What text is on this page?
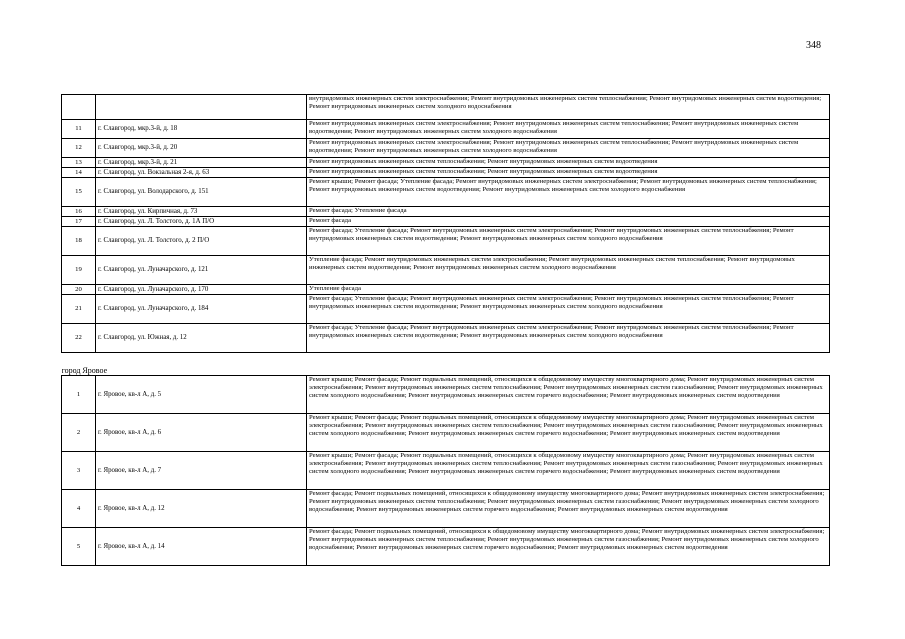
348
		внутридомовых инженерных систем электроснабжения; Ремонт внутридомовых инженерных систем теплоснабжения; Ремонт внутридомовых инженерных систем водоотведения; Ремонт внутридомовых инженерных систем холодного водоснабжения
11	г. Славгород, мкр.3-й, д. 18	Ремонт внутридомовых инженерных систем электроснабжения; Ремонт внутридомовых инженерных систем теплоснабжения; Ремонт внутридомовых инженерных систем водоотведения; Ремонт внутридомовых инженерных систем холодного водоснабжения
12	г. Славгород, мкр.3-й, д. 20	Ремонт внутридомовых инженерных систем электроснабжения; Ремонт внутридомовых инженерных систем теплоснабжения; Ремонт внутридомовых инженерных систем водоотведения; Ремонт внутридомовых инженерных систем холодного водоснабжения
13	г. Славгород, мкр.3-й, д. 21	Ремонт внутридомовых инженерных систем теплоснабжения; Ремонт внутридомовых инженерных систем водоотведения
14	г. Славгород, ул. Вокзальная 2-я, д. 63	Ремонт внутридомовых инженерных систем теплоснабжения; Ремонт внутридомовых инженерных систем водоотведения
15	г. Славгород, ул. Володарского, д. 151	Ремонт крыши; Ремонт фасада; Утепление фасада; Ремонт внутридомовых инженерных систем электроснабжения; Ремонт внутридомовых инженерных систем теплоснабжения; Ремонт внутридомовых инженерных систем водоотведения; Ремонт внутридомовых инженерных систем холодного водоснабжения
16	г. Славгород, ул. Кирпичная, д. 73	Ремонт фасада; Утепление фасада
17	г. Славгород, ул. Л. Толстого, д. 1А П/О	Ремонт фасада
18	г. Славгород, ул. Л. Толстого, д. 2 П/О	Ремонт фасада; Утепление фасада; Ремонт внутридомовых инженерных систем электроснабжения; Ремонт внутридомовых инженерных систем теплоснабжения; Ремонт внутридомовых инженерных систем водоотведения; Ремонт внутридомовых инженерных систем холодного водоснабжения
19	г. Славгород, ул. Луначарского, д. 121	Утепление фасада; Ремонт внутридомовых инженерных систем электроснабжения; Ремонт внутридомовых инженерных систем теплоснабжения; Ремонт внутридомовых инженерных систем водоотведения; Ремонт внутридомовых инженерных систем холодного водоснабжения
20	г. Славгород, ул. Луначарского, д. 170	Утепление фасада
21	г. Славгород, ул. Луначарского, д. 184	Ремонт фасада; Утепление фасада; Ремонт внутридомовых инженерных систем электроснабжения; Ремонт внутридомовых инженерных систем теплоснабжения; Ремонт внутридомовых инженерных систем водоотведения; Ремонт внутридомовых инженерных систем холодного водоснабжения
22	г. Славгород, ул. Южная, д. 12	Ремонт фасада; Утепление фасада; Ремонт внутридомовых инженерных систем электроснабжения; Ремонт внутридомовых инженерных систем теплоснабжения; Ремонт внутридомовых инженерных систем водоотведения; Ремонт внутридомовых инженерных систем холодного водоснабжения
город Яровое		
1	г. Яровое, кв-л А, д. 5	Ремонт крыши; Ремонт фасада; Ремонт подвальных помещений, относящихся к общедомовому имуществу многоквартирного дома; Ремонт внутридомовых инженерных систем электроснабжения; Ремонт внутридомовых инженерных систем теплоснабжения; Ремонт внутридомовых инженерных систем газоснабжения; Ремонт внутридомовых инженерных систем холодного водоснабжения; Ремонт внутридомовых инженерных систем горячего водоснабжения; Ремонт внутридомовых инженерных систем водоотведения
2	г. Яровое, кв-л А, д. 6	Ремонт крыши; Ремонт фасада; Ремонт подвальных помещений, относящихся к общедомовому имуществу многоквартирного дома; Ремонт внутридомовых инженерных систем электроснабжения; Ремонт внутридомовых инженерных систем теплоснабжения; Ремонт внутридомовых инженерных систем газоснабжения; Ремонт внутридомовых инженерных систем холодного водоснабжения; Ремонт внутридомовых инженерных систем горячего водоснабжения; Ремонт внутридомовых инженерных систем водоотведения
3	г. Яровое, кв-л А, д. 7	Ремонт крыши; Ремонт фасада; Ремонт подвальных помещений, относящихся к общедомовому имуществу многоквартирного дома; Ремонт внутридомовых инженерных систем электроснабжения; Ремонт внутридомовых инженерных систем теплоснабжения; Ремонт внутридомовых инженерных систем газоснабжения; Ремонт внутридомовых инженерных систем холодного водоснабжения; Ремонт внутридомовых инженерных систем горячего водоснабжения; Ремонт внутридомовых инженерных систем водоотведения
4	г. Яровое, кв-л А, д. 12	Ремонт фасада; Ремонт подвальных помещений, относящихся к общедомовому имуществу многоквартирного дома; Ремонт внутридомовых инженерных систем электроснабжения; Ремонт внутридомовых инженерных систем теплоснабжения; Ремонт внутридомовых инженерных систем газоснабжения; Ремонт внутридомовых инженерных систем холодного водоснабжения; Ремонт внутридомовых инженерных систем горячего водоснабжения; Ремонт внутридомовых инженерных систем водоотведения
5	г. Яровое, кв-л А, д. 14	Ремонт фасада; Ремонт подвальных помещений, относящихся к общедомовому имуществу многоквартирного дома; Ремонт внутридомовых инженерных систем электроснабжения; Ремонт внутридомовых инженерных систем теплоснабжения; Ремонт внутридомовых инженерных систем газоснабжения; Ремонт внутридомовых инженерных систем холодного водоснабжения; Ремонт внутридомовых инженерных систем горячего водоснабжения; Ремонт внутридомовых инженерных систем водоотведения
